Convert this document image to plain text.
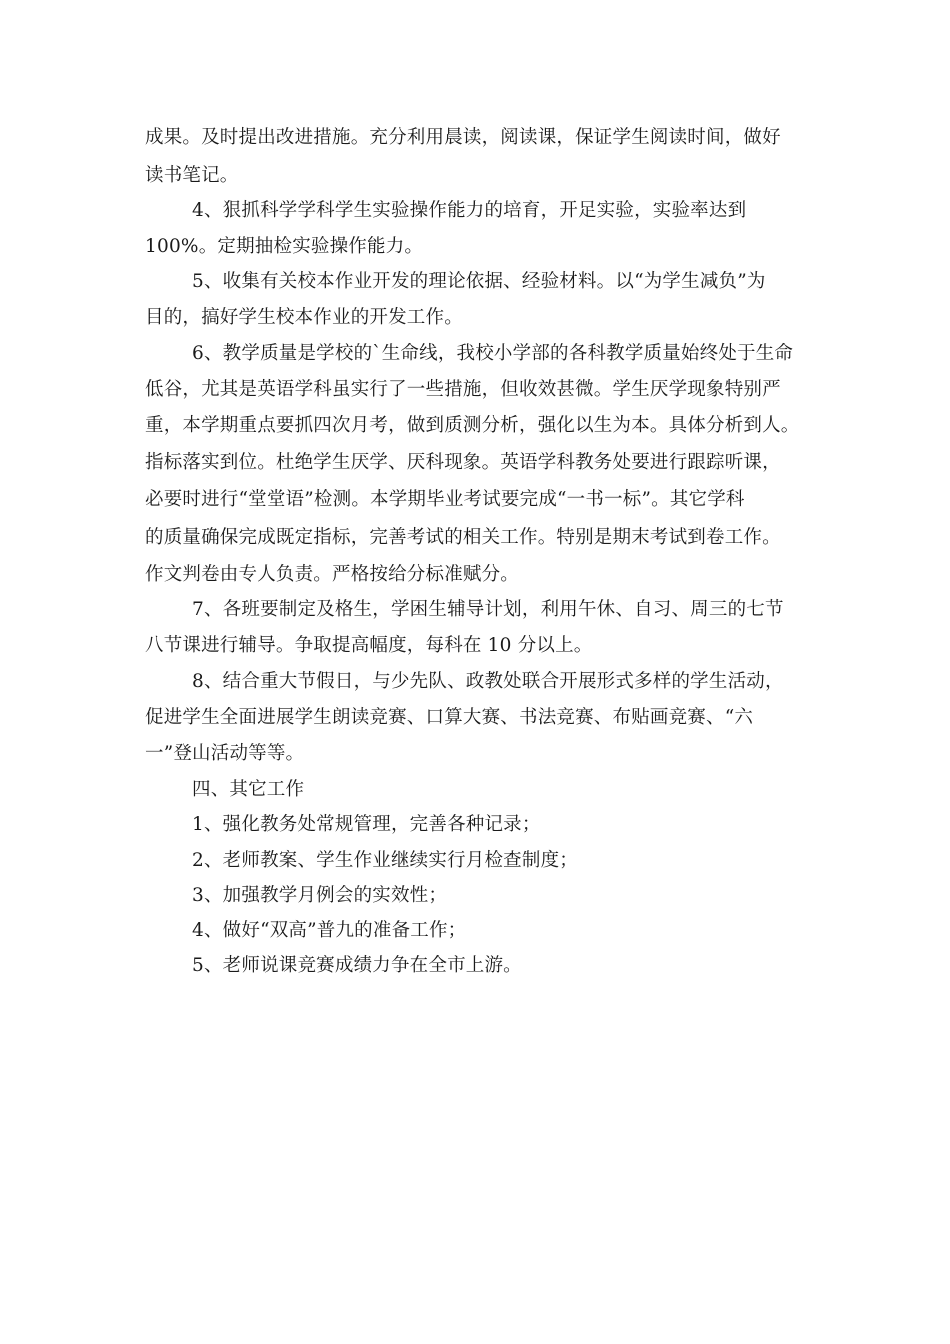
成果。及时提出改进措施。充分利用晨读，阅读课，保证学生阅读时间，做好
读书笔记。
4、狠抓科学学科学生实验操作能力的培育，开足实验，实验率达到
100%。定期抽检实验操作能力。
5、收集有关校本作业开发的理论依据、经验材料。以“为学生减负”为
目的，搞好学生校本作业的开发工作。
6、教学质量是学校的`生命线，我校小学部的各科教学质量始终处于生命
低谷，尤其是英语学科虽实行了一些措施，但收效甚微。学生厌学现象特别严
重，本学期重点要抓四次月考，做到质测分析，强化以生为本。具体分析到人。
指标落实到位。杜绝学生厌学、厌科现象。英语学科教务处要进行跟踪听课，
必要时进行“堂堂语”检测。本学期毕业考试要完成“一书一标”。其它学科
的质量确保完成既定指标，完善考试的相关工作。特别是期末考试到卷工作。
作文判卷由专人负责。严格按给分标准赋分。
7、各班要制定及格生，学困生辅导计划，利用午休、自习、周三的七节
八节课进行辅导。争取提高幅度，每科在 10 分以上。
8、结合重大节假日，与少先队、政教处联合开展形式多样的学生活动，
促进学生全面进展学生朗读竞赛、口算大赛、书法竞赛、布贴画竞赛、“六
一”登山活动等等。
四、其它工作
1、强化教务处常规管理，完善各种记录；
2、老师教案、学生作业继续实行月检查制度；
3、加强教学月例会的实效性；
4、做好“双高”普九的准备工作；
5、老师说课竞赛成绩力争在全市上游。
